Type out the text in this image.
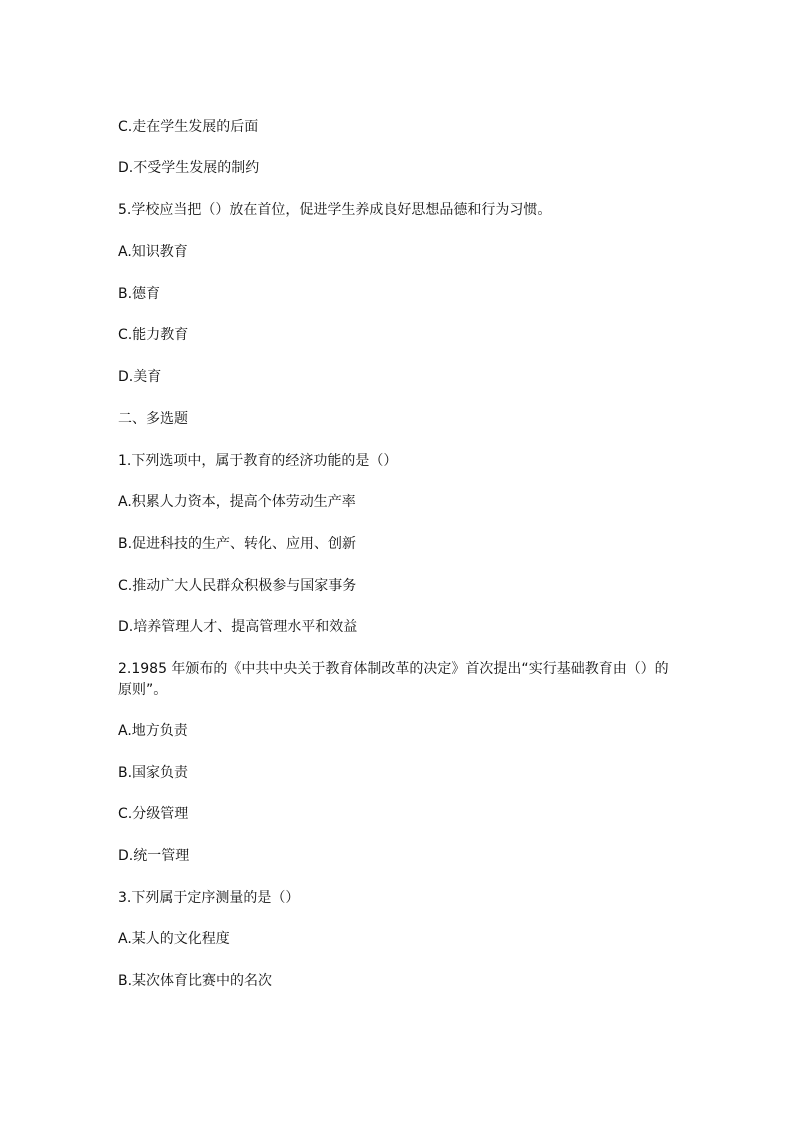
C.走在学生发展的后面
D.不受学生发展的制约
5.学校应当把（）放在首位，促进学生养成良好思想品德和行为习惯。
A.知识教育
B.德育
C.能力教育
D.美育
二、多选题
1.下列选项中，属于教育的经济功能的是（）
A.积累人力资本，提高个体劳动生产率
B.促进科技的生产、转化、应用、创新
C.推动广大人民群众积极参与国家事务
D.培养管理人才、提高管理水平和效益
2.1985 年颁布的《中共中央关于教育体制改革的决定》首次提出“实行基础教育由（）的原则”。
A.地方负责
B.国家负责
C.分级管理
D.统一管理
3.下列属于定序测量的是（）
A.某人的文化程度
B.某次体育比赛中的名次
